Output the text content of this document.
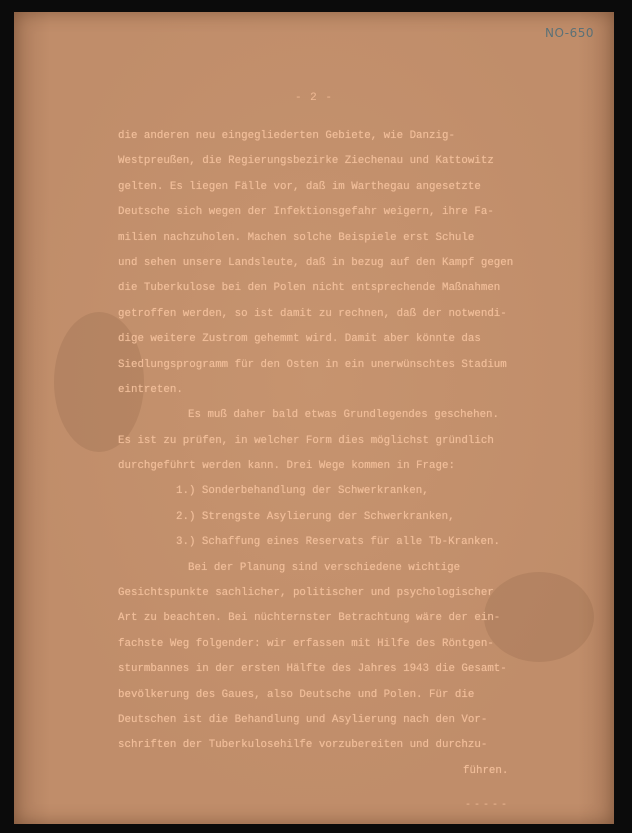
NO-650
- 2 -
die anderen neu eingegliederten Gebiete, wie Danzig-
Westpreußen, die Regierungsbezirke Ziechenau und Kattowitz
gelten. Es liegen Fälle vor, daß im Warthegau angesetzte
Deutsche sich wegen der Infektionsgefahr weigern, ihre Fa-
milien nachzuholen. Machen solche Beispiele erst Schule
und sehen unsere Landsleute, daß in bezug auf den Kampf gegen
die Tuberkulose bei den Polen nicht entsprechende Maßnahmen
getroffen werden, so ist damit zu rechnen, daß der notwendi-
dige weitere Zustrom gehemmt wird. Damit aber könnte das
Siedlungsprogramm für den Osten in ein unerwünschtes Stadium
eintreten.
Es muß daher bald etwas Grundlegendes geschehen.
Es ist zu prüfen, in welcher Form dies möglichst gründlich
durchgeführt werden kann. Drei Wege kommen in Frage:
1.) Sonderbehandlung der Schwerkranken,
2.) Strengste Asylierung der Schwerkranken,
3.) Schaffung eines Reservats für alle Tb-Kranken.
Bei der Planung sind verschiedene wichtige
Gesichtspunkte sachlicher, politischer und psychologischer
Art zu beachten. Bei nüchternster Betrachtung wäre der ein-
fachste Weg folgender: wir erfassen mit Hilfe des Röntgen-
sturmbannes in der ersten Hälfte des Jahres 1943 die Gesamt-
bevölkerung des Gaues, also Deutsche und Polen. Für die
Deutschen ist die Behandlung und Asylierung nach den Vor-
schriften der Tuberkulosehilfe vorzubereiten und durchzu-
führen.
-----
